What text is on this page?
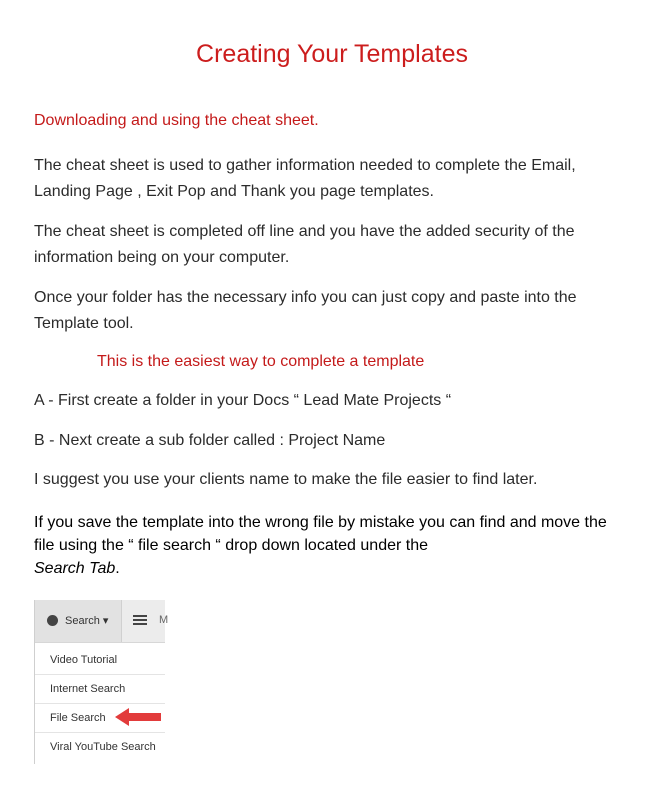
Creating Your Templates
Downloading and using the cheat sheet.
The cheat sheet is used to gather information needed to complete the Email, Landing Page , Exit Pop and Thank you page templates.
The cheat sheet is completed off line and you have the added security of the information being on your computer.
Once your folder has the necessary info you can just copy and paste into the Template tool.
This is the easiest way to complete a template
A - First create a folder in your Docs “ Lead Mate Projects “
B - Next create a sub folder called : Project Name
I suggest you use your clients name to make the file easier to find later.
If you save the template into the wrong file by mistake you can find and move the file using the “ file search “ drop down located under the
Search Tab.
Search ▾	M
Video Tutorial
Internet Search
File Search
Viral YouTube Search
